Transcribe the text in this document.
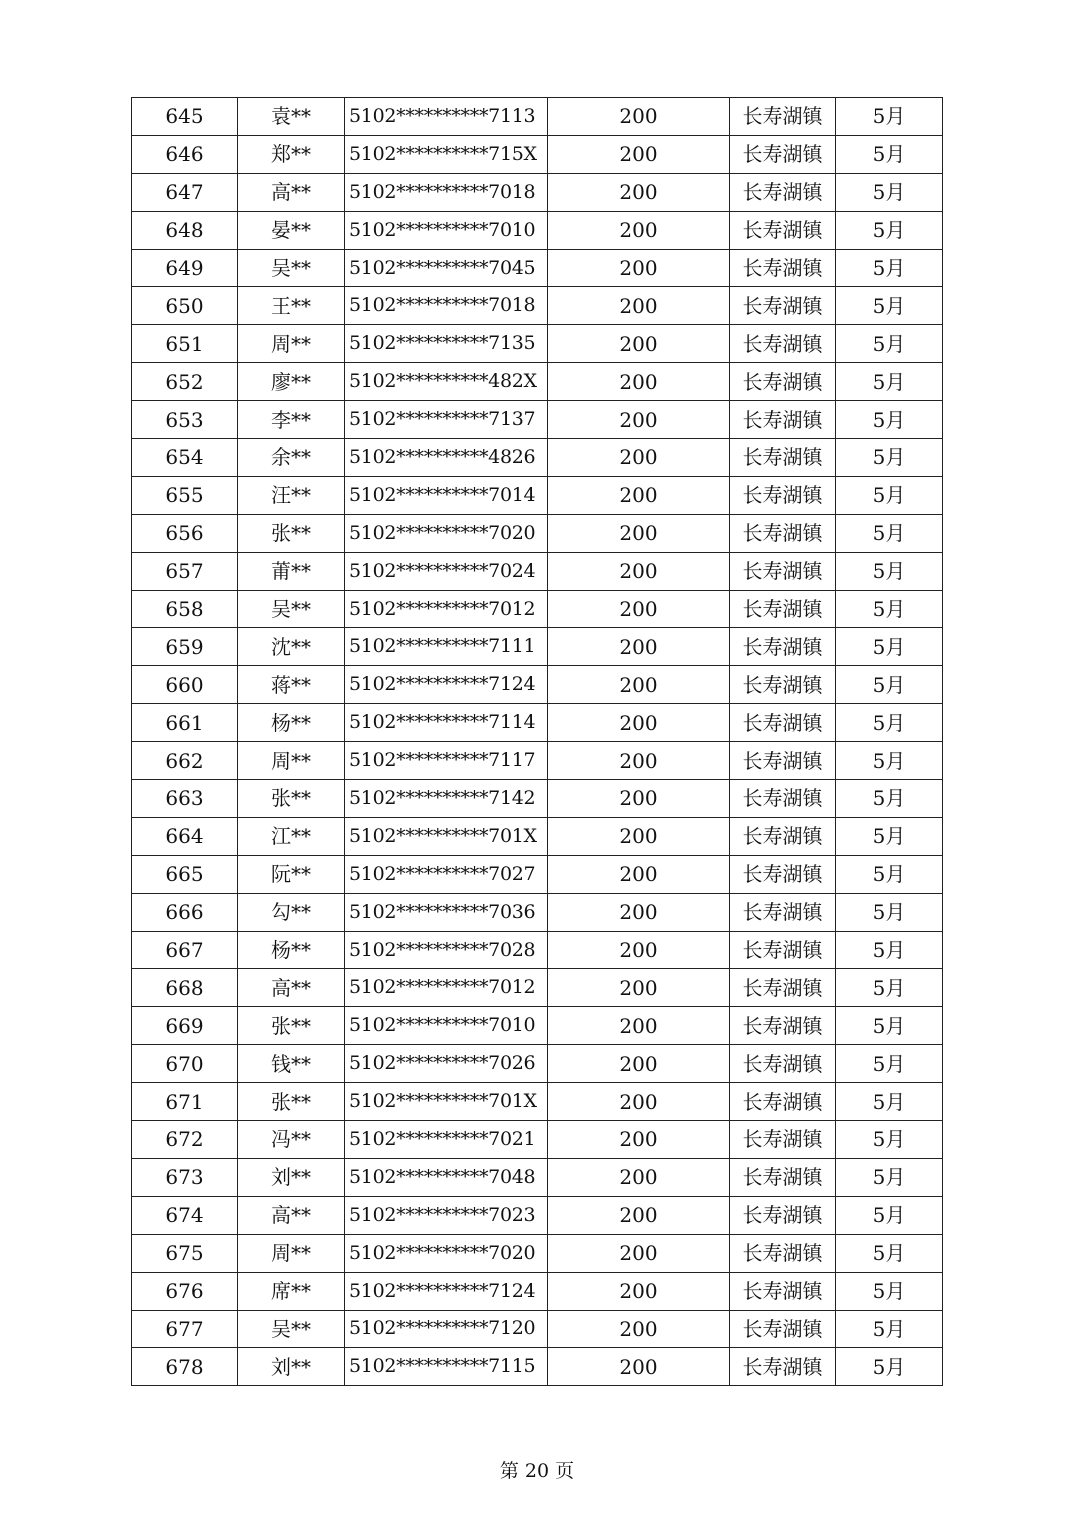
645	袁**	5102**********7113	200	长寿湖镇	5月
646	郑**	5102**********715X	200	长寿湖镇	5月
647	高**	5102**********7018	200	长寿湖镇	5月
648	晏**	5102**********7010	200	长寿湖镇	5月
649	吴**	5102**********7045	200	长寿湖镇	5月
650	王**	5102**********7018	200	长寿湖镇	5月
651	周**	5102**********7135	200	长寿湖镇	5月
652	廖**	5102**********482X	200	长寿湖镇	5月
653	李**	5102**********7137	200	长寿湖镇	5月
654	余**	5102**********4826	200	长寿湖镇	5月
655	汪**	5102**********7014	200	长寿湖镇	5月
656	张**	5102**********7020	200	长寿湖镇	5月
657	莆**	5102**********7024	200	长寿湖镇	5月
658	吴**	5102**********7012	200	长寿湖镇	5月
659	沈**	5102**********7111	200	长寿湖镇	5月
660	蒋**	5102**********7124	200	长寿湖镇	5月
661	杨**	5102**********7114	200	长寿湖镇	5月
662	周**	5102**********7117	200	长寿湖镇	5月
663	张**	5102**********7142	200	长寿湖镇	5月
664	江**	5102**********701X	200	长寿湖镇	5月
665	阮**	5102**********7027	200	长寿湖镇	5月
666	勾**	5102**********7036	200	长寿湖镇	5月
667	杨**	5102**********7028	200	长寿湖镇	5月
668	高**	5102**********7012	200	长寿湖镇	5月
669	张**	5102**********7010	200	长寿湖镇	5月
670	钱**	5102**********7026	200	长寿湖镇	5月
671	张**	5102**********701X	200	长寿湖镇	5月
672	冯**	5102**********7021	200	长寿湖镇	5月
673	刘**	5102**********7048	200	长寿湖镇	5月
674	高**	5102**********7023	200	长寿湖镇	5月
675	周**	5102**********7020	200	长寿湖镇	5月
676	席**	5102**********7124	200	长寿湖镇	5月
677	吴**	5102**********7120	200	长寿湖镇	5月
678	刘**	5102**********7115	200	长寿湖镇	5月
第 20 页
